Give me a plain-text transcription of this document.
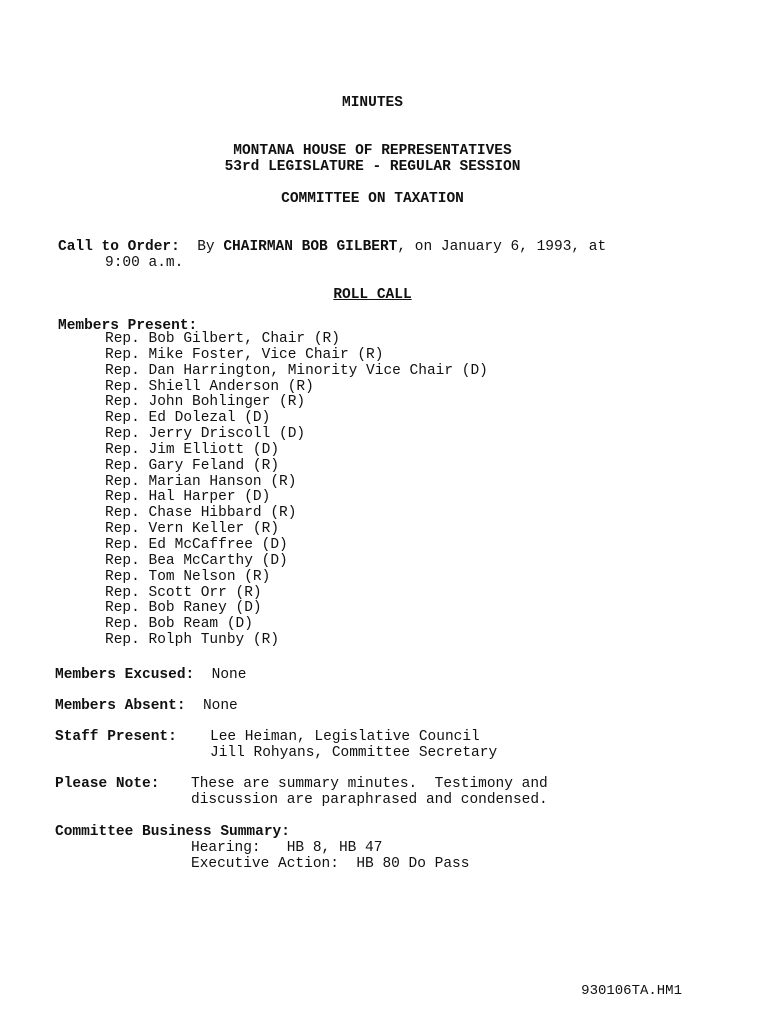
MINUTES
MONTANA HOUSE OF REPRESENTATIVES
53rd LEGISLATURE - REGULAR SESSION
COMMITTEE ON TAXATION
Call to Order: By CHAIRMAN BOB GILBERT, on January 6, 1993, at
9:00 a.m.
ROLL CALL
Members Present:
Rep. Bob Gilbert, Chair (R)
Rep. Mike Foster, Vice Chair (R)
Rep. Dan Harrington, Minority Vice Chair (D)
Rep. Shiell Anderson (R)
Rep. John Bohlinger (R)
Rep. Ed Dolezal (D)
Rep. Jerry Driscoll (D)
Rep. Jim Elliott (D)
Rep. Gary Feland (R)
Rep. Marian Hanson (R)
Rep. Hal Harper (D)
Rep. Chase Hibbard (R)
Rep. Vern Keller (R)
Rep. Ed McCaffree (D)
Rep. Bea McCarthy (D)
Rep. Tom Nelson (R)
Rep. Scott Orr (R)
Rep. Bob Raney (D)
Rep. Bob Ream (D)
Rep. Rolph Tunby (R)
Members Excused: None
Members Absent: None
Staff Present: Lee Heiman, Legislative Council
Jill Rohyans, Committee Secretary
Please Note: These are summary minutes.  Testimony and
discussion are paraphrased and condensed.
Committee Business Summary:
Hearing: HB 8, HB 47
Executive Action: HB 80 Do Pass
930106TA.HM1
